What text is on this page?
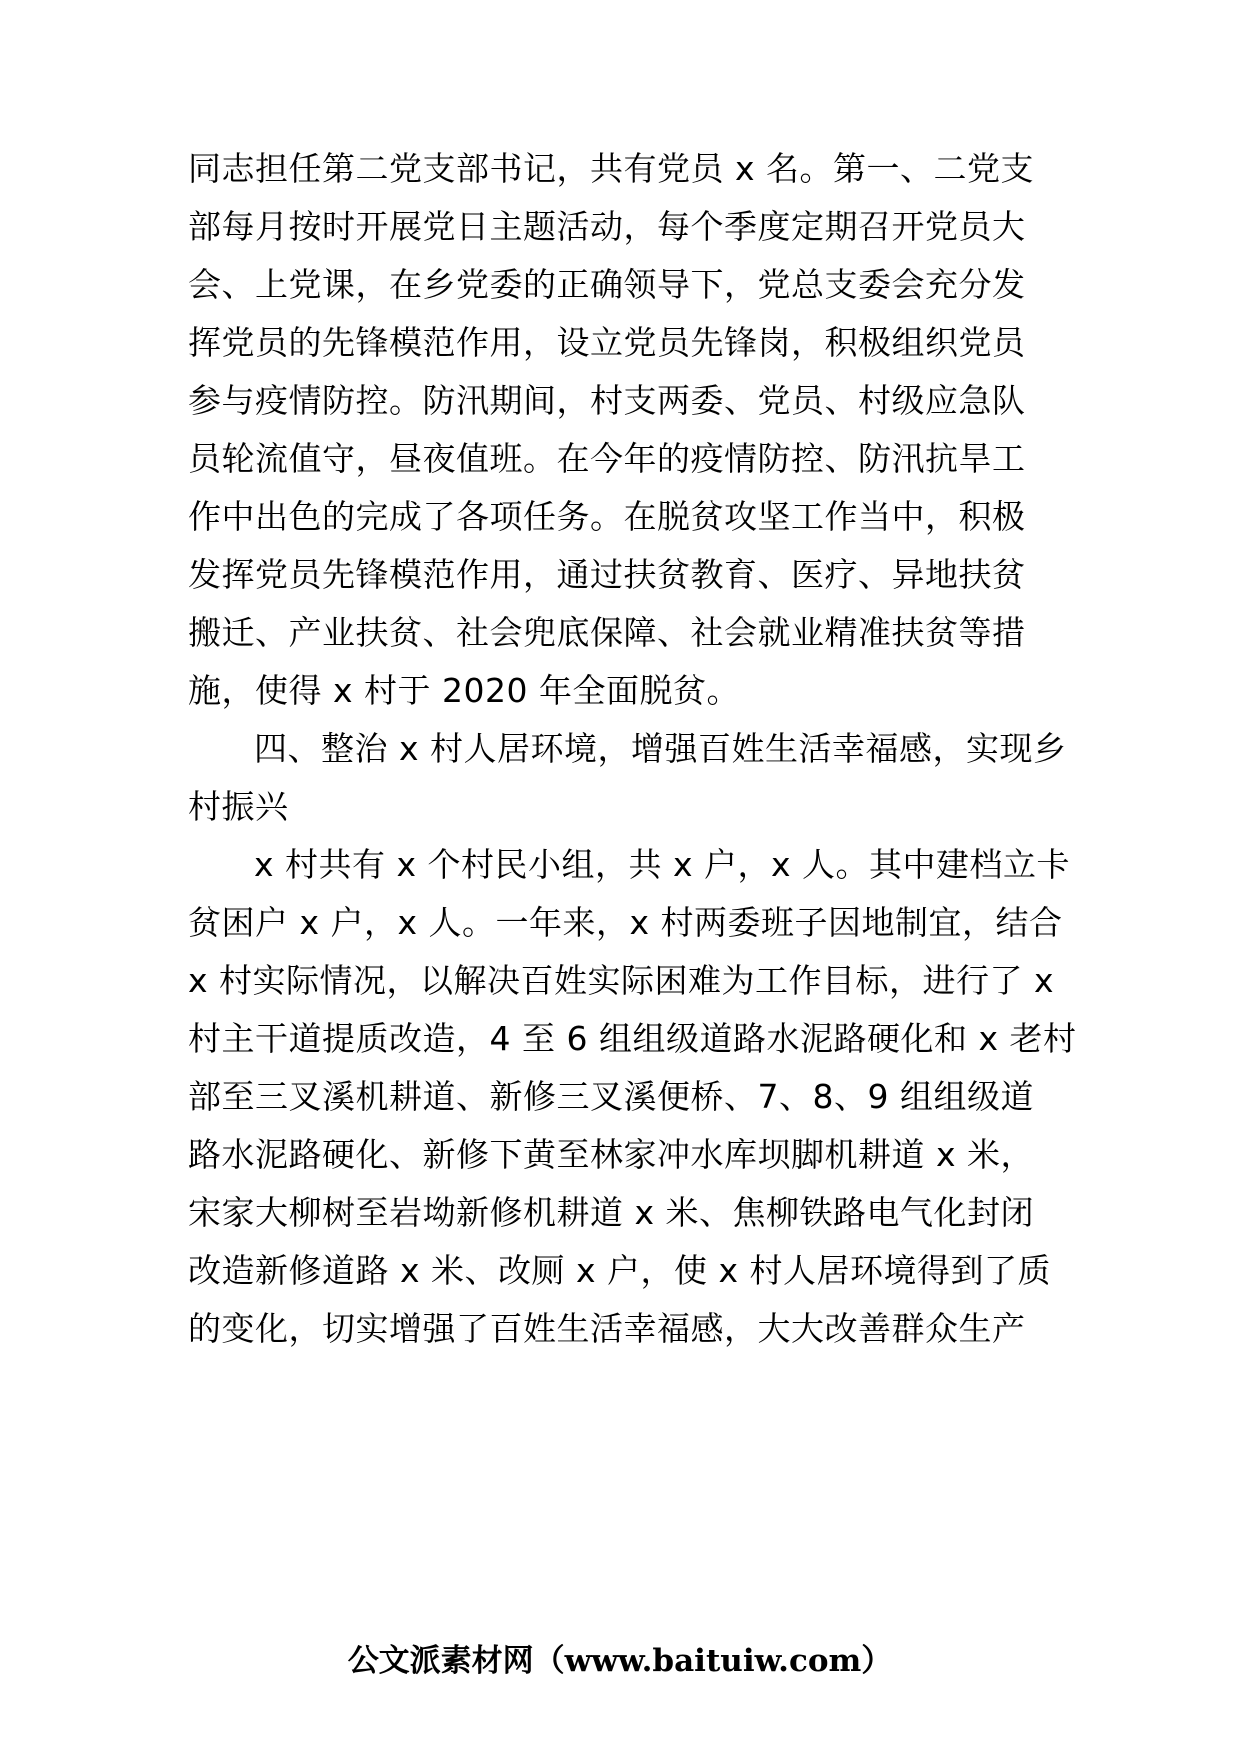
同志担任第二党支部书记，共有党员 x 名。第一、二党支
部每月按时开展党日主题活动，每个季度定期召开党员大
会、上党课，在乡党委的正确领导下，党总支委会充分发
挥党员的先锋模范作用，设立党员先锋岗，积极组织党员
参与疫情防控。防汛期间，村支两委、党员、村级应急队
员轮流值守，昼夜值班。在今年的疫情防控、防汛抗旱工
作中出色的完成了各项任务。在脱贫攻坚工作当中，积极
发挥党员先锋模范作用，通过扶贫教育、医疗、异地扶贫
搬迁、产业扶贫、社会兜底保障、社会就业精准扶贫等措
施，使得 x 村于 2020 年全面脱贫。
四、整治 x 村人居环境，增强百姓生活幸福感，实现乡
村振兴
x 村共有 x 个村民小组，共 x 户，x 人。其中建档立卡
贫困户 x 户，x 人。一年来，x 村两委班子因地制宜，结合
x 村实际情况，以解决百姓实际困难为工作目标，进行了 x
村主干道提质改造，4 至 6 组组级道路水泥路硬化和 x 老村
部至三叉溪机耕道、新修三叉溪便桥、7、8、9 组组级道
路水泥路硬化、新修下黄至林家冲水库坝脚机耕道 x 米，
宋家大柳树至岩坳新修机耕道 x 米、焦柳铁路电气化封闭
改造新修道路 x 米、改厕 x 户，使 x 村人居环境得到了质
的变化，切实增强了百姓生活幸福感，大大改善群众生产
公文派素材网（www.baituiw.com）
